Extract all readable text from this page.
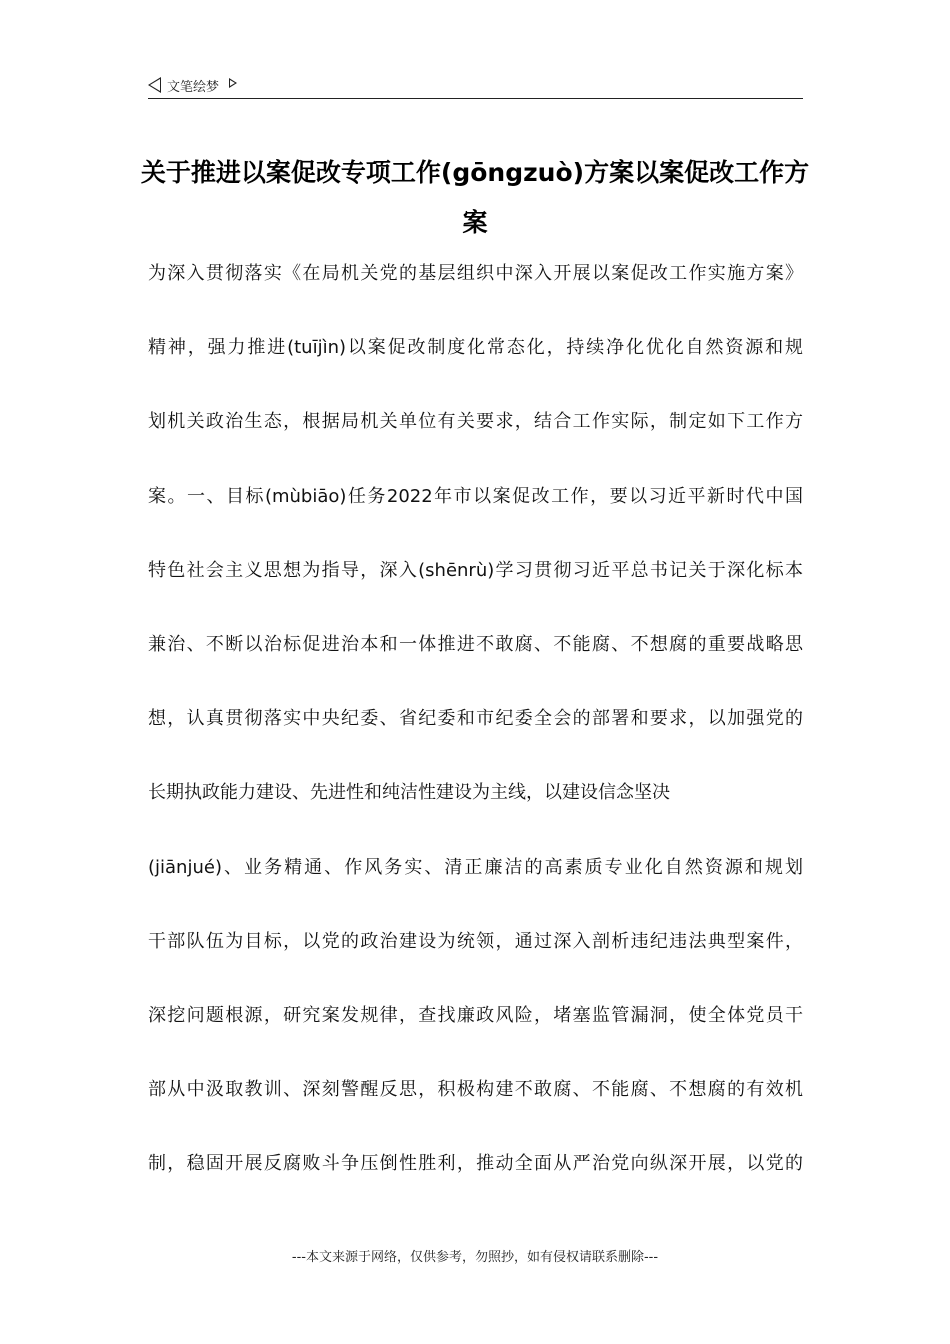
文笔绘梦
关于推进以案促改专项工作(gōngzuò)方案以案促改工作方案
为深入贯彻落实《在局机关党的基层组织中深入开展以案促改工作实施方案》
精神，强力推进(tuījìn)以案促改制度化常态化，持续净化优化自然资源和规
划机关政治生态，根据局机关单位有关要求，结合工作实际，制定如下工作方
案。一、目标(mùbiāo)任务2022年市以案促改工作，要以习近平新时代中国
特色社会主义思想为指导，深入(shēnrù)学习贯彻习近平总书记关于深化标本
兼治、不断以治标促进治本和一体推进不敢腐、不能腐、不想腐的重要战略思
想，认真贯彻落实中央纪委、省纪委和市纪委全会的部署和要求，以加强党的
长期执政能力建设、先进性和纯洁性建设为主线，以建设信念坚决
(jiānjué)、业务精通、作风务实、清正廉洁的高素质专业化自然资源和规划
干部队伍为目标，以党的政治建设为统领，通过深入剖析违纪违法典型案件，
深挖问题根源，研究案发规律，查找廉政风险，堵塞监管漏洞，使全体党员干
部从中汲取教训、深刻警醒反思，积极构建不敢腐、不能腐、不想腐的有效机
制，稳固开展反腐败斗争压倒性胜利，推动全面从严治党向纵深开展，以党的
---本文来源于网络，仅供参考，勿照抄，如有侵权请联系删除---
